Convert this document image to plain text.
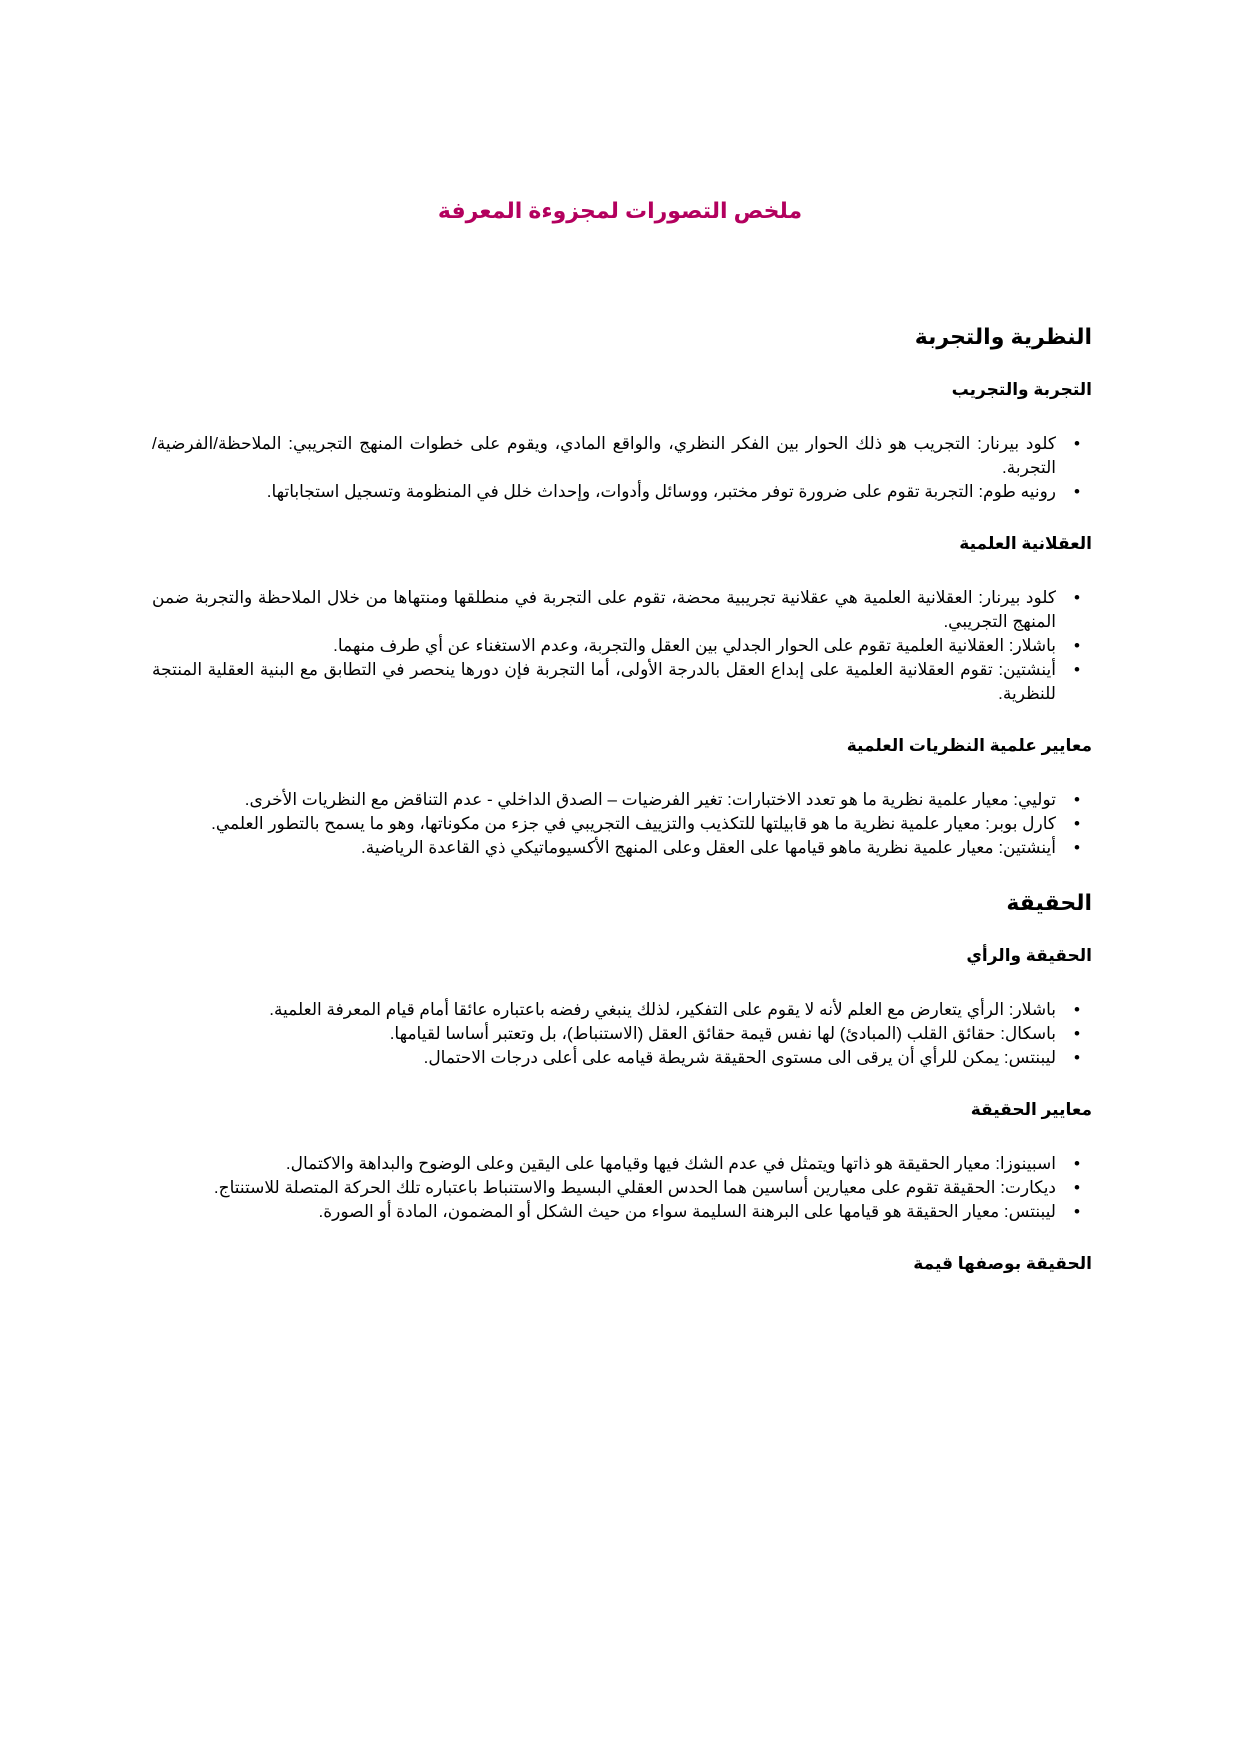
ملخص التصورات لمجزوءة المعرفة
النظرية والتجربة
التجربة والتجريب
•
كلود بيرنار: التجريب هو ذلك الحوار بين الفكر النظري، والواقع المادي، ويقوم على خطوات المنهج التجريبي: الملاحظة/الفرضية/التجربة.
•
رونيه طوم: التجربة تقوم على ضرورة توفر مختبر، ووسائل وأدوات، وإحداث خلل في المنظومة وتسجيل استجاباتها.
العقلانية العلمية
•
كلود بيرنار: العقلانية العلمية هي عقلانية تجريبية محضة، تقوم على التجربة في منطلقها ومنتهاها من خلال الملاحظة والتجربة ضمن المنهج التجريبي.
•
باشلار: العقلانية العلمية تقوم على الحوار الجدلي بين العقل والتجربة، وعدم الاستغناء عن أي طرف منهما.
•
أينشتين: تقوم العقلانية العلمية على إبداع العقل بالدرجة الأولى، أما التجربة فإن دورها ينحصر في التطابق مع البنية العقلية المنتجة للنظرية.
معايير علمية النظريات العلمية
•
توليي: معيار علمية نظرية ما هو تعدد الاختبارات: تغير الفرضيات – الصدق الداخلي - عدم التناقض مع النظريات الأخرى.
•
كارل بوبر: معيار علمية نظرية ما هو قابيلتها للتكذيب والتزييف التجريبي في جزء من مكوناتها، وهو ما يسمح بالتطور العلمي.
•
أينشتين: معيار علمية نظرية ماهو قيامها على العقل وعلى المنهج الأكسيوماتيكي ذي القاعدة الرياضية.
الحقيقة
الحقيقة والرأي
•
باشلار: الرأي يتعارض مع العلم لأنه لا يقوم على التفكير، لذلك ينبغي رفضه باعتباره عائقا أمام قيام المعرفة العلمية.
•
باسكال: حقائق القلب (المبادئ) لها نفس قيمة حقائق العقل (الاستنباط)، بل وتعتبر أساسا لقيامها.
•
ليبنتس: يمكن للرأي أن يرقى الى مستوى الحقيقة شريطة قيامه على أعلى درجات الاحتمال.
معايير الحقيقة
•
اسبينوزا: معيار الحقيقة هو ذاتها ويتمثل في عدم الشك فيها وقيامها على اليقين وعلى الوضوح والبداهة والاكتمال.
•
ديكارت: الحقيقة تقوم على معيارين أساسين هما الحدس العقلي البسيط والاستنباط باعتباره تلك الحركة المتصلة للاستنتاج.
•
ليبنتس: معيار الحقيقة هو قيامها على البرهنة السليمة سواء من حيث الشكل أو المضمون، المادة أو الصورة.
الحقيقة بوصفها قيمة
